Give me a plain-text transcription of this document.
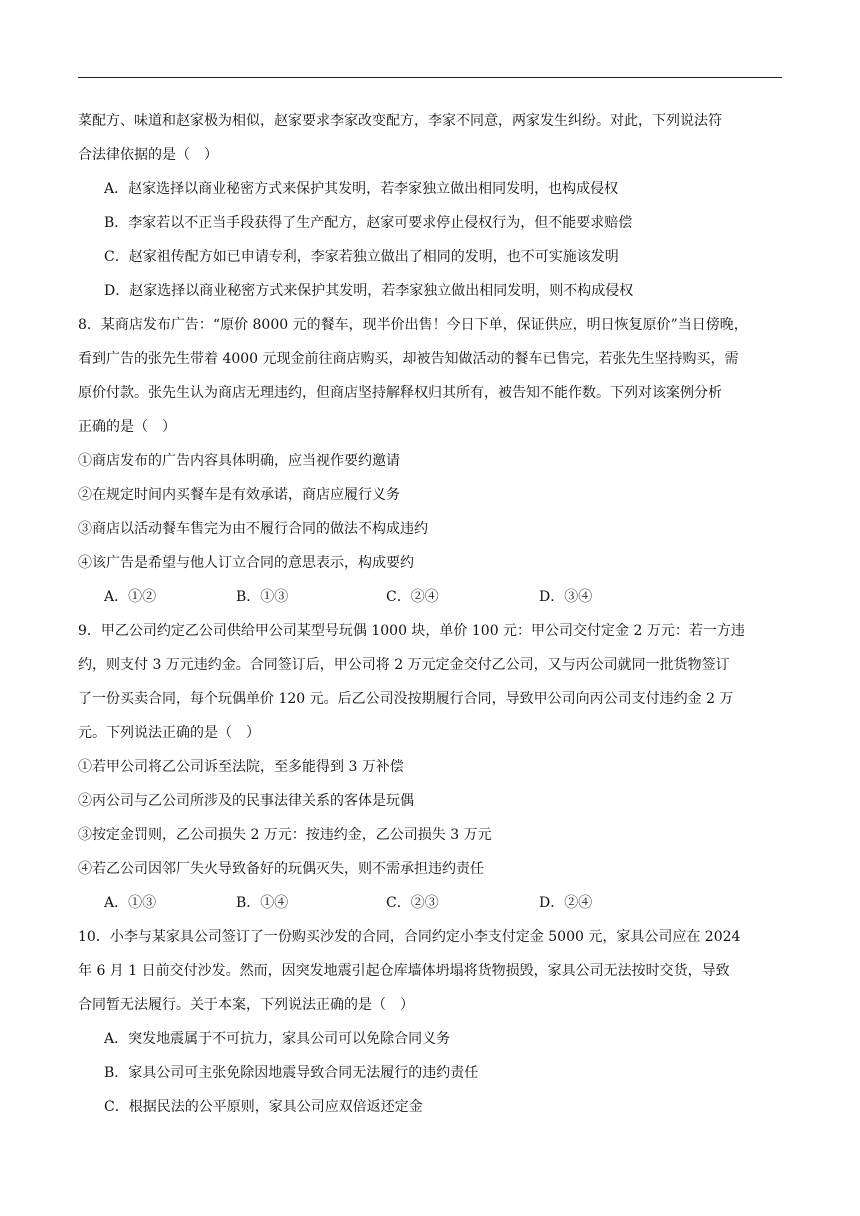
菜配方、味道和赵家极为相似，赵家要求李家改变配方，李家不同意，两家发生纠纷。对此，下列说法符
合法律依据的是（　）
A．赵家选择以商业秘密方式来保护其发明，若李家独立做出相同发明，也构成侵权
B．李家若以不正当手段获得了生产配方，赵家可要求停止侵权行为，但不能要求赔偿
C．赵家祖传配方如已申请专利，李家若独立做出了相同的发明，也不可实施该发明
D．赵家选择以商业秘密方式来保护其发明，若李家独立做出相同发明，则不构成侵权
8．某商店发布广告：“原价 8000 元的餐车，现半价出售！今日下单，保证供应，明日恢复原价”当日傍晚，
看到广告的张先生带着 4000 元现金前往商店购买，却被告知做活动的餐车已售完，若张先生坚持购买，需
原价付款。张先生认为商店无理违约，但商店坚持解释权归其所有，被告知不能作数。下列对该案例分析
正确的是（　）
①商店发布的广告内容具体明确，应当视作要约邀请
②在规定时间内买餐车是有效承诺，商店应履行义务
③商店以活动餐车售完为由不履行合同的做法不构成违约
④该广告是希望与他人订立合同的意思表示，构成要约
A．①②	B．①③	C．②④	D．③④
9．甲乙公司约定乙公司供给甲公司某型号玩偶 1000 块，单价 100 元：甲公司交付定金 2 万元：若一方违
约，则支付 3 万元违约金。合同签订后，甲公司将 2 万元定金交付乙公司，又与丙公司就同一批货物签订
了一份买卖合同，每个玩偶单价 120 元。后乙公司没按期履行合同，导致甲公司向丙公司支付违约金 2 万
元。下列说法正确的是（　）
①若甲公司将乙公司诉至法院，至多能得到 3 万补偿
②丙公司与乙公司所涉及的民事法律关系的客体是玩偶
③按定金罚则，乙公司损失 2 万元：按违约金，乙公司损失 3 万元
④若乙公司因邻厂失火导致备好的玩偶灭失，则不需承担违约责任
A．①③	B．①④	C．②③	D．②④
10．小李与某家具公司签订了一份购买沙发的合同，合同约定小李支付定金 5000 元，家具公司应在 2024
年 6 月 1 日前交付沙发。然而，因突发地震引起仓库墙体坍塌将货物损毁，家具公司无法按时交货，导致
合同暂无法履行。关于本案，下列说法正确的是（　）
A．突发地震属于不可抗力，家具公司可以免除合同义务
B．家具公司可主张免除因地震导致合同无法履行的违约责任
C．根据民法的公平原则，家具公司应双倍返还定金
